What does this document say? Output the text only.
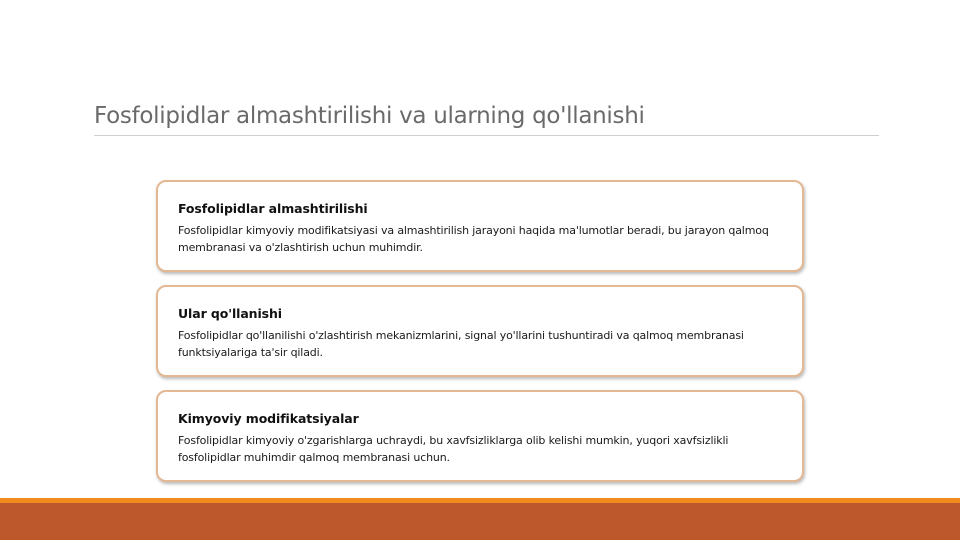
Fosfolipidlar almashtirilishi va ularning qo'llanishi
Fosfolipidlar almashtirilishi

Fosfolipidlar kimyoviy modifikatsiyasi va almashtirilish jarayoni haqida ma'lumotlar beradi, bu jarayon qalmoq membranasi va o'zlashtirish uchun muhimdir.

Ular qo'llanishi

Fosfolipidlar qo'llanilishi o'zlashtirish mekanizmlarini, signal yo'llarini tushuntiradi va qalmoq membranasi funktsiyalariga ta'sir qiladi.

Kimyoviy modifikatsiyalar

Fosfolipidlar kimyoviy o'zgarishlarga uchraydi, bu xavfsizliklarga olib kelishi mumkin, yuqori xavfsizlikli fosfolipidlar muhimdir qalmoq membranasi uchun.
